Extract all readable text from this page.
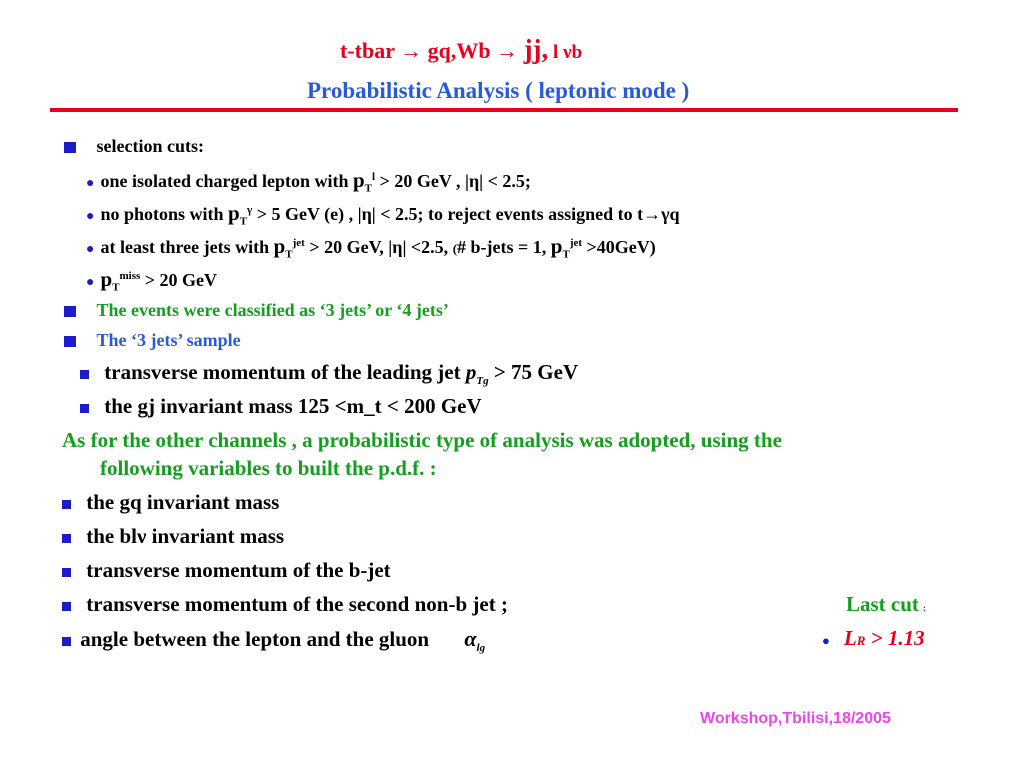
t-tbar → gq,Wb → jj, l νb
Probabilistic Analysis ( leptonic mode )
selection cuts:
● one isolated charged lepton with $p_T^l > 20$ GeV , |η| < 2.5;
● no photons with $p_T^\gamma > 5$ GeV (e) , |η| < 2.5; to reject events assigned to t→γq
● at least three jets with $p_T^{jet} > 20$ GeV, |η| <2.5, (# b-jets = 1, $p_T^{jet} >40GeV$)
● $p_T^{miss} > 20$ GeV
The events were classified as ‘3 jets’ or ‘4 jets’
The ‘3 jets’ sample
transverse momentum of the leading jet $p_{Tg} > 75$ GeV
the gj invariant mass 125 <m_t < 200 GeV
As for the other channels , a probabilistic type of analysis was adopted, using the
following variables to built the p.d.f. :
the gq invariant mass
the blν invariant mass
transverse momentum of the b-jet
transverse momentum of the second non-b jet ;
angle between the lepton and the gluon $\alpha_{lg}$
Last cut :
● LR > 1.13
Workshop,Tbilisi,18/2005
